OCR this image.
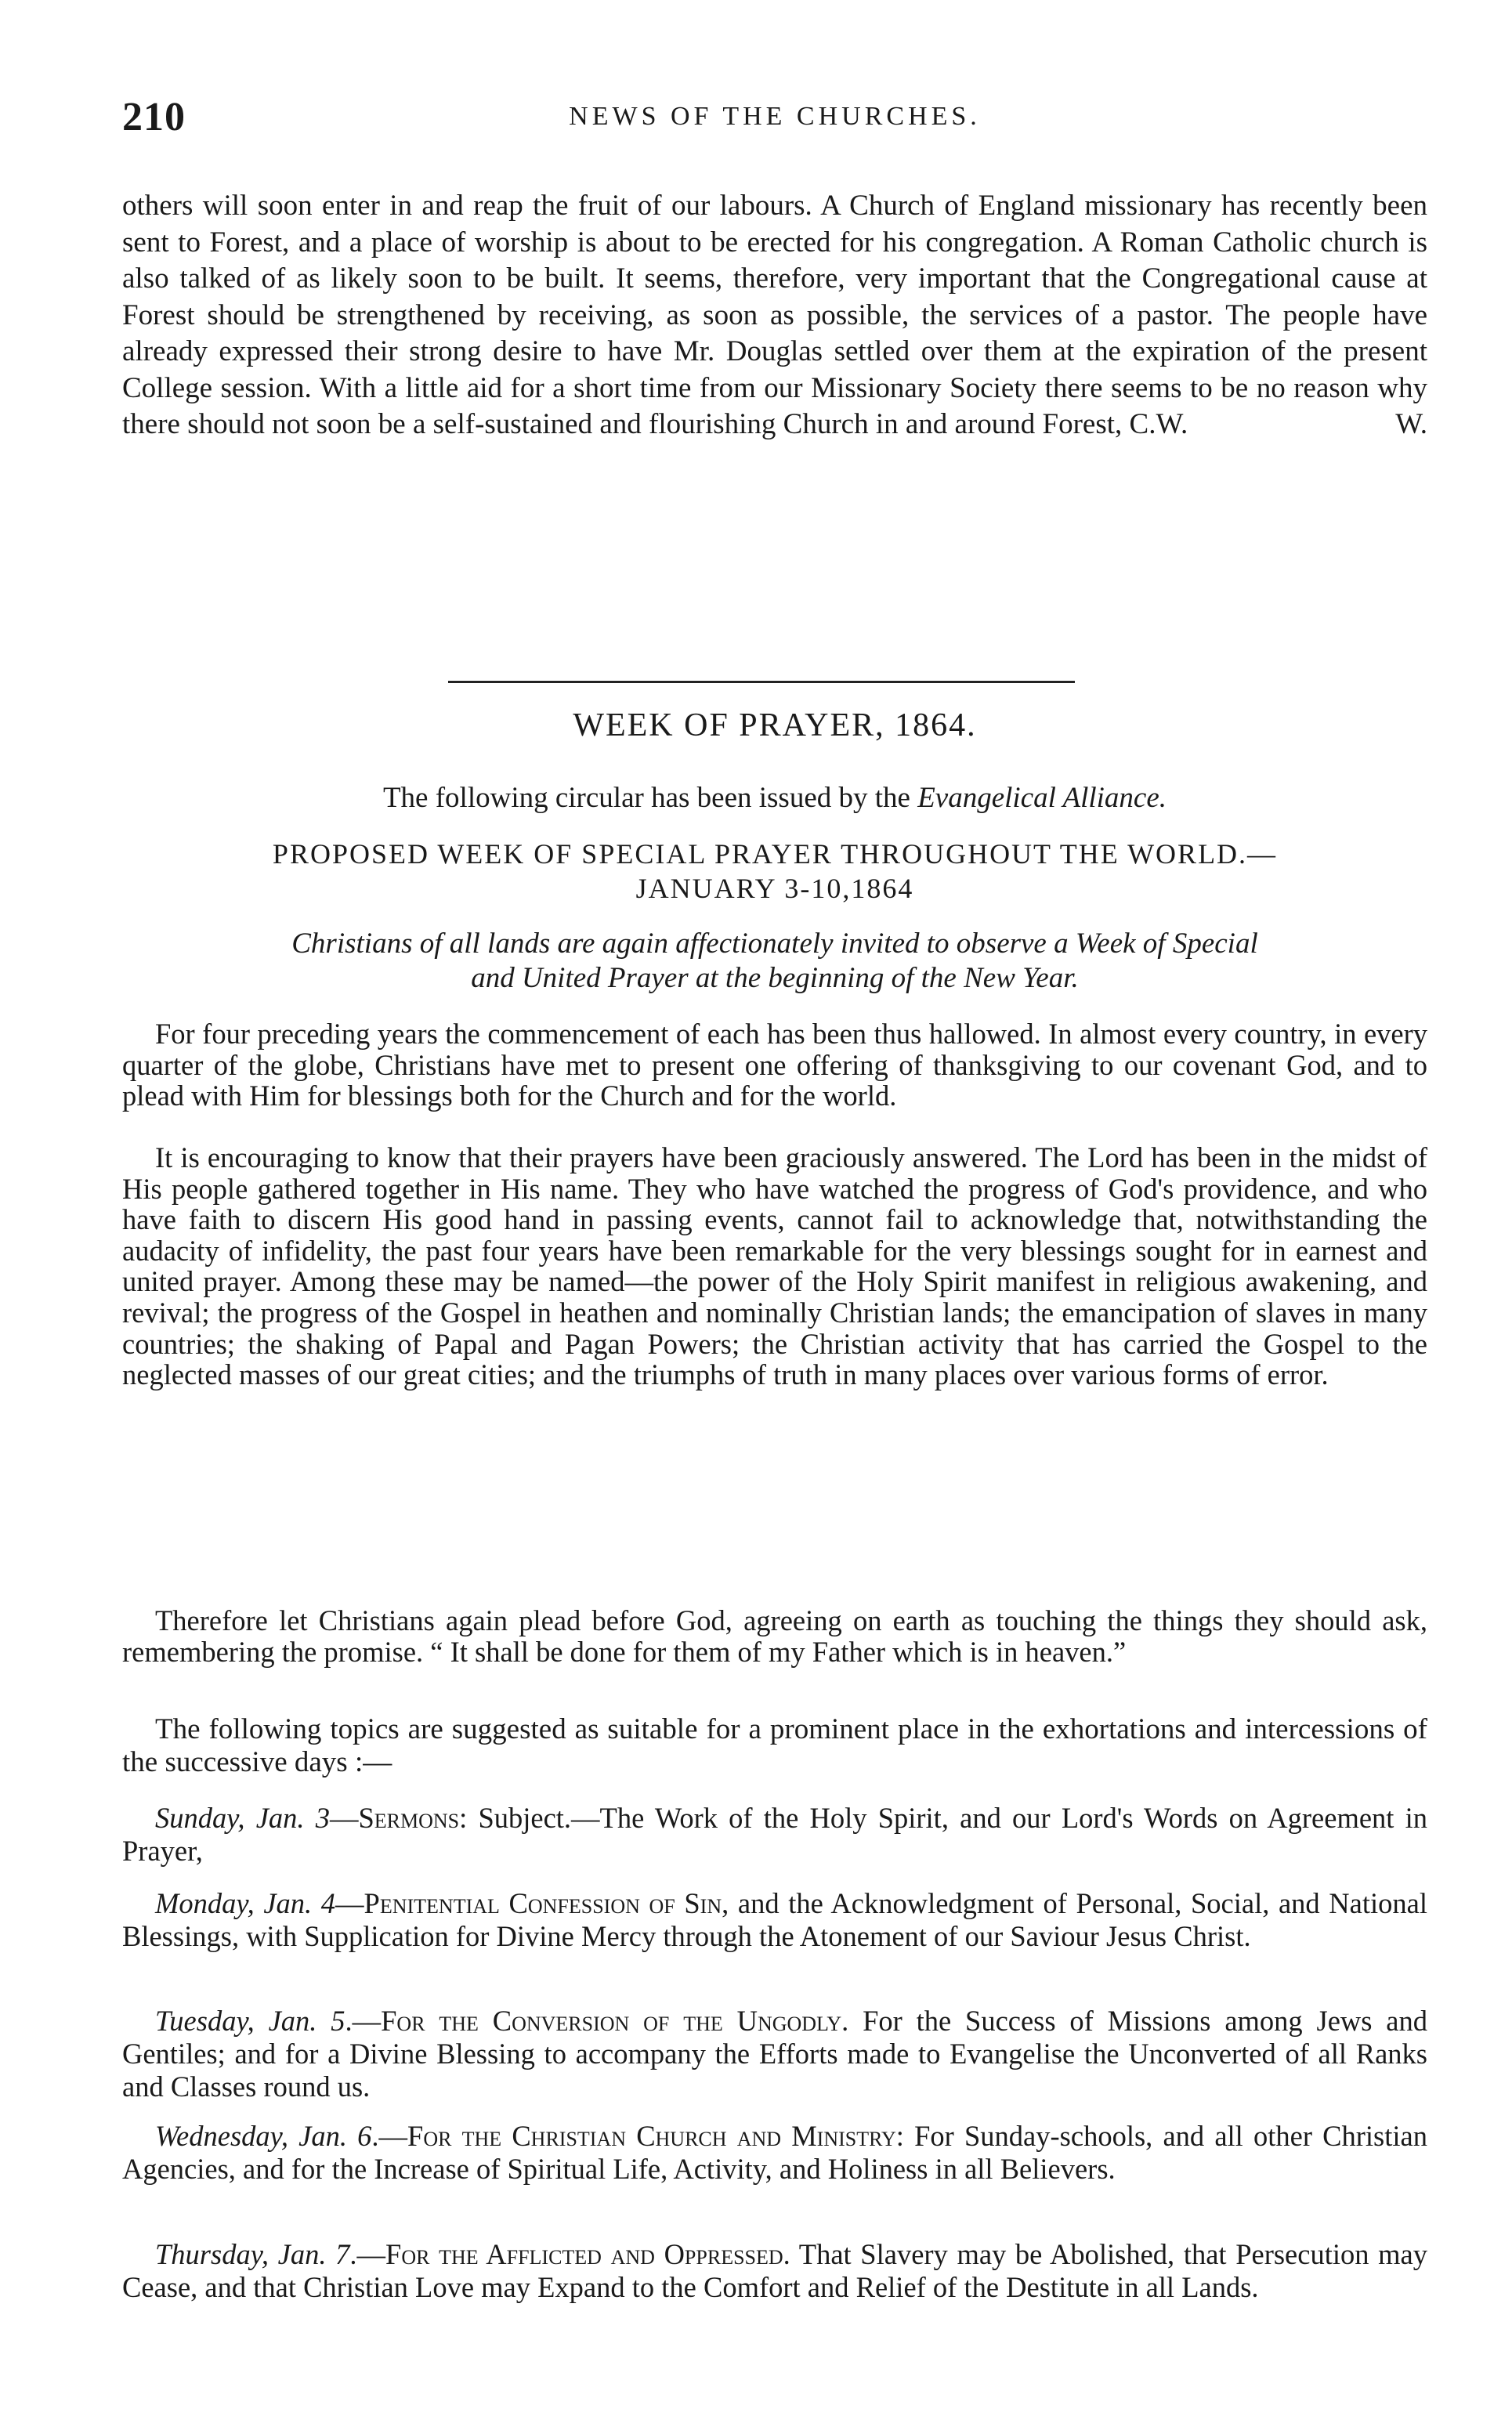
210	NEWS OF THE CHURCHES.

others will soon enter in and reap the fruit of our labours. A Church of England missionary has recently been sent to Forest, and a place of worship is about to be erected for his congregation. A Roman Catholic church is also talked of as likely soon to be built. It seems, therefore, very important that the Congregational cause at Forest should be strengthened by receiving, as soon as possible, the services of a pastor. The people have already expressed their strong desire to have Mr. Douglas settled over them at the expiration of the present College session. With a little aid for a short time from our Missionary Society there seems to be no reason why there should not soon be a self-sustained and flourishing Church in and around Forest, C.W.	W.

WEEK OF PRAYER, 1864.

The following circular has been issued by the Evangelical Alliance.

PROPOSED WEEK OF SPECIAL PRAYER THROUGHOUT THE WORLD.—
JANUARY 3-10,1864
Christians of all lands are again affectionately invited to observe a Week of Special
and United Prayer at the beginning of the New Year.

For four preceding years the commencement of each has been thus hallowed. In almost every country, in every quarter of the globe, Christians have met to present one offering of thanksgiving to our covenant God, and to plead with Him for blessings both for the Church and for the world.

It is encouraging to know that their prayers have been graciously answered. The Lord has been in the midst of His people gathered together in His name. They who have watched the progress of God's providence, and who have faith to discern His good hand in passing events, cannot fail to acknowledge that, notwithstanding the audacity of infidelity, the past four years have been remarkable for the very blessings sought for in earnest and united prayer. Among these may be named—the power of the Holy Spirit manifest in religious awakening, and revival; the progress of the Gospel in heathen and nominally Christian lands; the emancipation of slaves in many countries; the shaking of Papal and Pagan Powers; the Christian activity that has carried the Gospel to the neglected masses of our great cities; and the triumphs of truth in many places over various forms of error.

Therefore let Christians again plead before God, agreeing on earth as touching the things they should ask, remembering the promise. “ It shall be done for them of my Father which is in heaven.”

The following topics are suggested as suitable for a prominent place in the exhortations and intercessions of the successive days :—

Sunday, Jan. 3—Sermons: Subject.—The Work of the Holy Spirit, and our Lord's Words on Agreement in Prayer,

Monday, Jan. 4—Penitential Confession of Sin, and the Acknowledgment of Personal, Social, and National Blessings, with Supplication for Divine Mercy through the Atonement of our Saviour Jesus Christ.

Tuesday, Jan. 5.—For the Conversion of the Ungodly. For the Success of Missions among Jews and Gentiles; and for a Divine Blessing to accompany the Efforts made to Evangelise the Unconverted of all Ranks and Classes round us.

Wednesday, Jan. 6.—For the Christian Church and Ministry: For Sunday-schools, and all other Christian Agencies, and for the Increase of Spiritual Life, Activity, and Holiness in all Believers.

Thursday, Jan. 7.—For the Afflicted and Oppressed. That Slavery may be Abolished, that Persecution may Cease, and that Christian Love may Expand to the Comfort and Relief of the Destitute in all Lands.
